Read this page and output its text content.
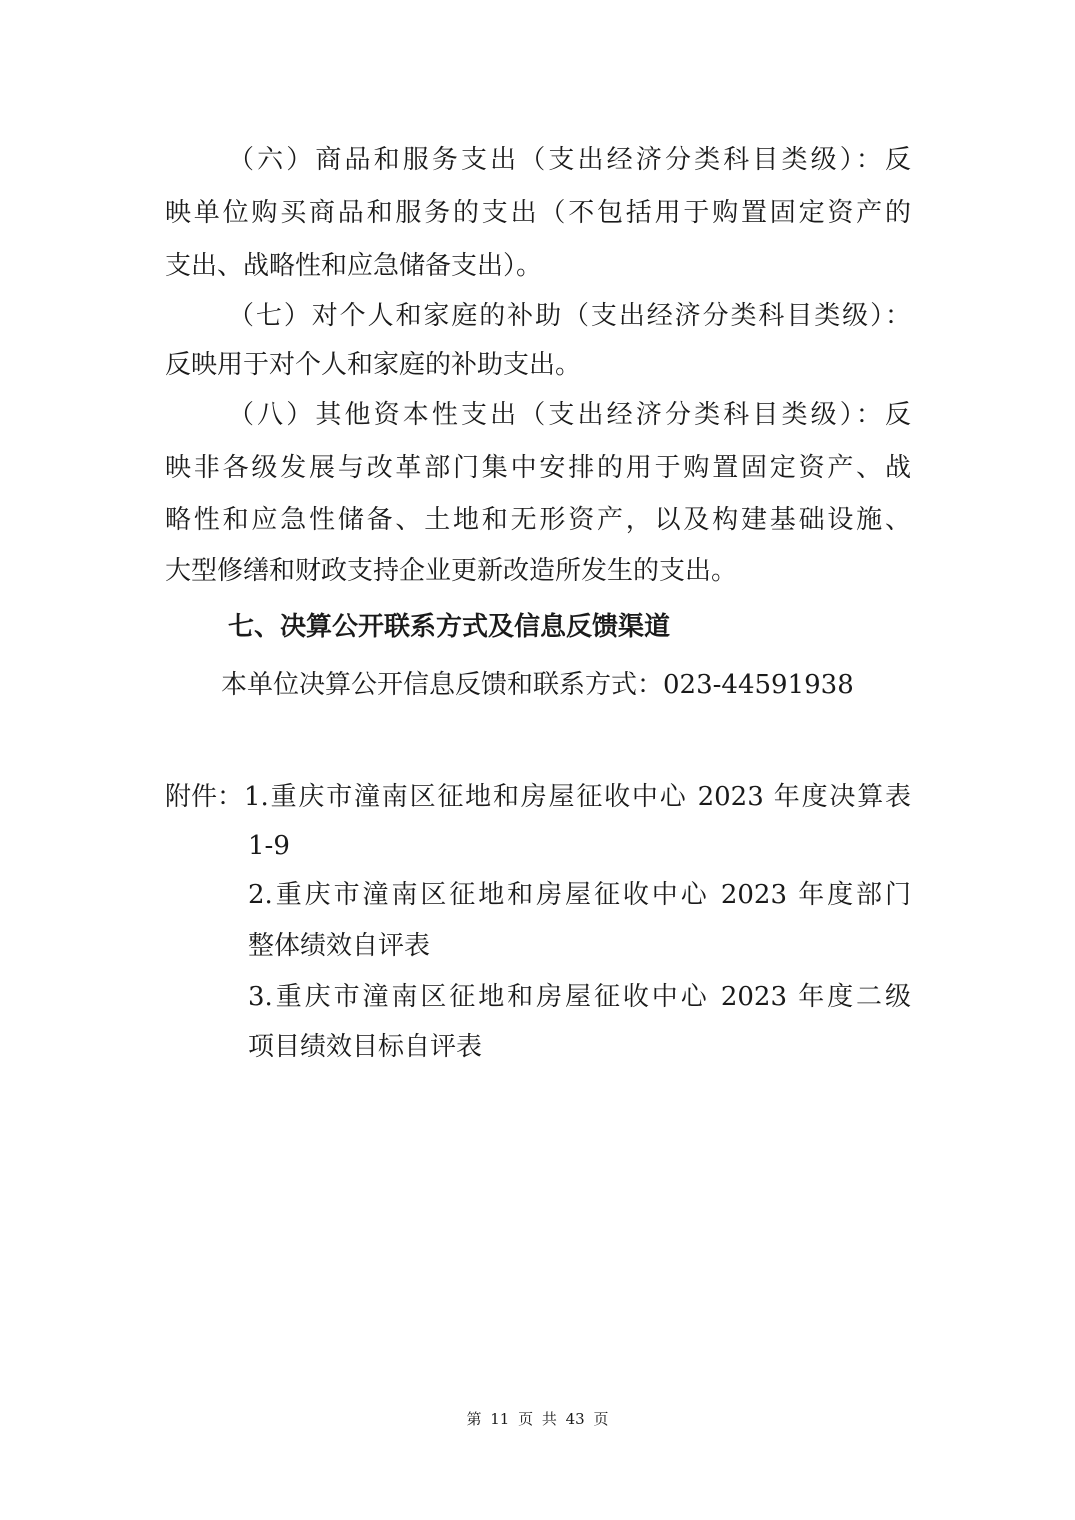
（六）商品和服务支出（支出经济分类科目类级）：反

映单位购买商品和服务的支出（不包括用于购置固定资产的

支出、战略性和应急储备支出）。

（七）对个人和家庭的补助（支出经济分类科目类级）：

反映用于对个人和家庭的补助支出。

（八）其他资本性支出（支出经济分类科目类级）：反

映非各级发展与改革部门集中安排的用于购置固定资产、战

略性和应急性储备、土地和无形资产，以及构建基础设施、

大型修缮和财政支持企业更新改造所发生的支出。

七、决算公开联系方式及信息反馈渠道

本单位决算公开信息反馈和联系方式：023-44591938

附件： 1.重庆市潼南区征地和房屋征收中心 2023 年度决算表

1-9

2.重庆市潼南区征地和房屋征收中心 2023 年度部门

整体绩效自评表

3.重庆市潼南区征地和房屋征收中心 2023 年度二级

项目绩效目标自评表

第 11 页 共 43 页
